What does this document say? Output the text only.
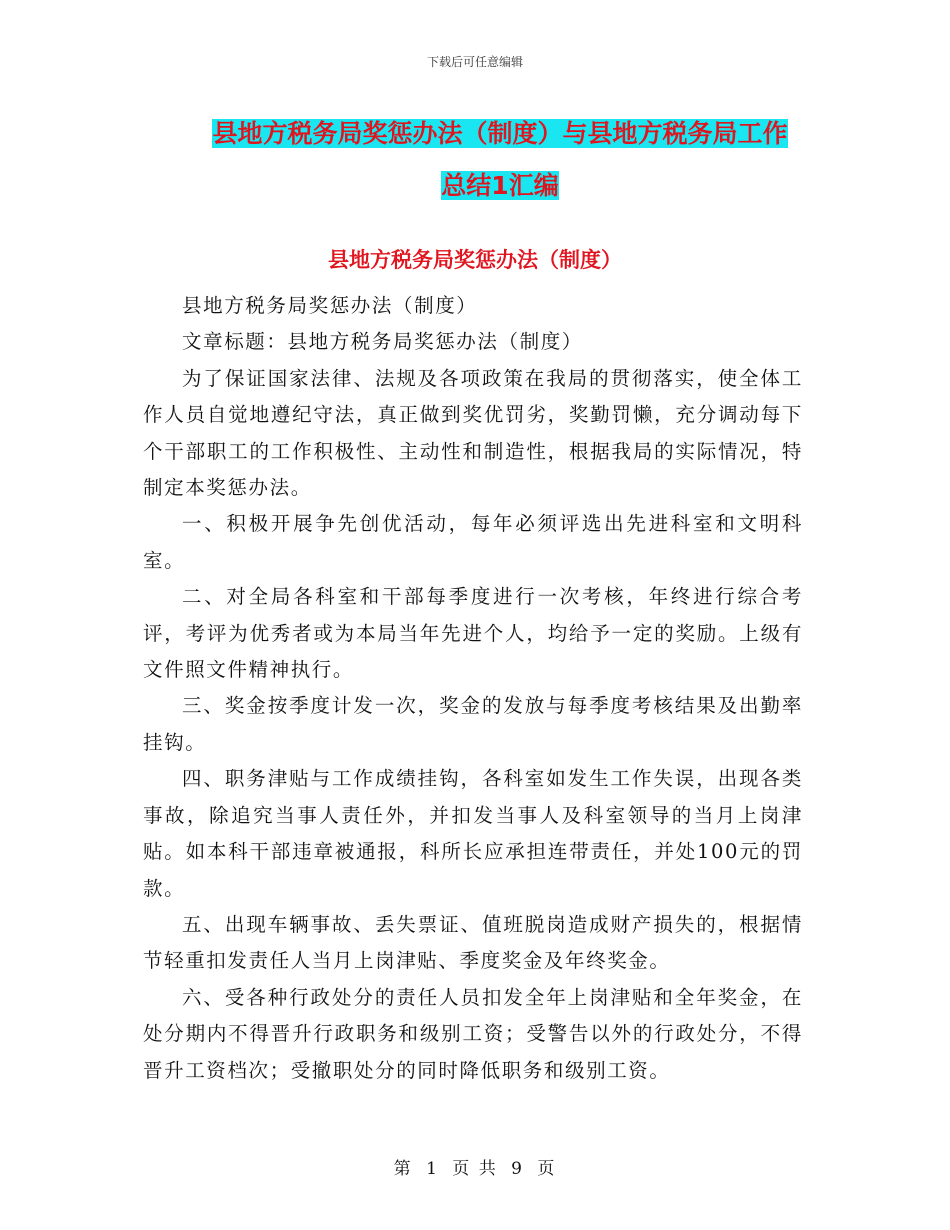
下载后可任意编辑
县地方税务局奖惩办法（制度）与县地方税务局工作
总结1汇编
县地方税务局奖惩办法（制度）

县地方税务局奖惩办法（制度）

文章标题：县地方税务局奖惩办法（制度）

为了保证国家法律、法规及各项政策在我局的贯彻落实，使全体工作人员自觉地遵纪守法，真正做到奖优罚劣，奖勤罚懒，充分调动每下个干部职工的工作积极性、主动性和制造性，根据我局的实际情况，特制定本奖惩办法。

一、积极开展争先创优活动，每年必须评选出先进科室和文明科室。

二、对全局各科室和干部每季度进行一次考核，年终进行综合考评，考评为优秀者或为本局当年先进个人，均给予一定的奖励。上级有文件照文件精神执行。

三、奖金按季度计发一次，奖金的发放与每季度考核结果及出勤率挂钩。

四、职务津贴与工作成绩挂钩，各科室如发生工作失误，出现各类事故，除追究当事人责任外，并扣发当事人及科室领导的当月上岗津贴。如本科干部违章被通报，科所长应承担连带责任，并处100元的罚款。

五、出现车辆事故、丢失票证、值班脱岗造成财产损失的，根据情节轻重扣发责任人当月上岗津贴、季度奖金及年终奖金。

六、受各种行政处分的责任人员扣发全年上岗津贴和全年奖金，在处分期内不得晋升行政职务和级别工资；受警告以外的行政处分，不得晋升工资档次；受撤职处分的同时降低职务和级别工资。

第 1 页 共 9 页
